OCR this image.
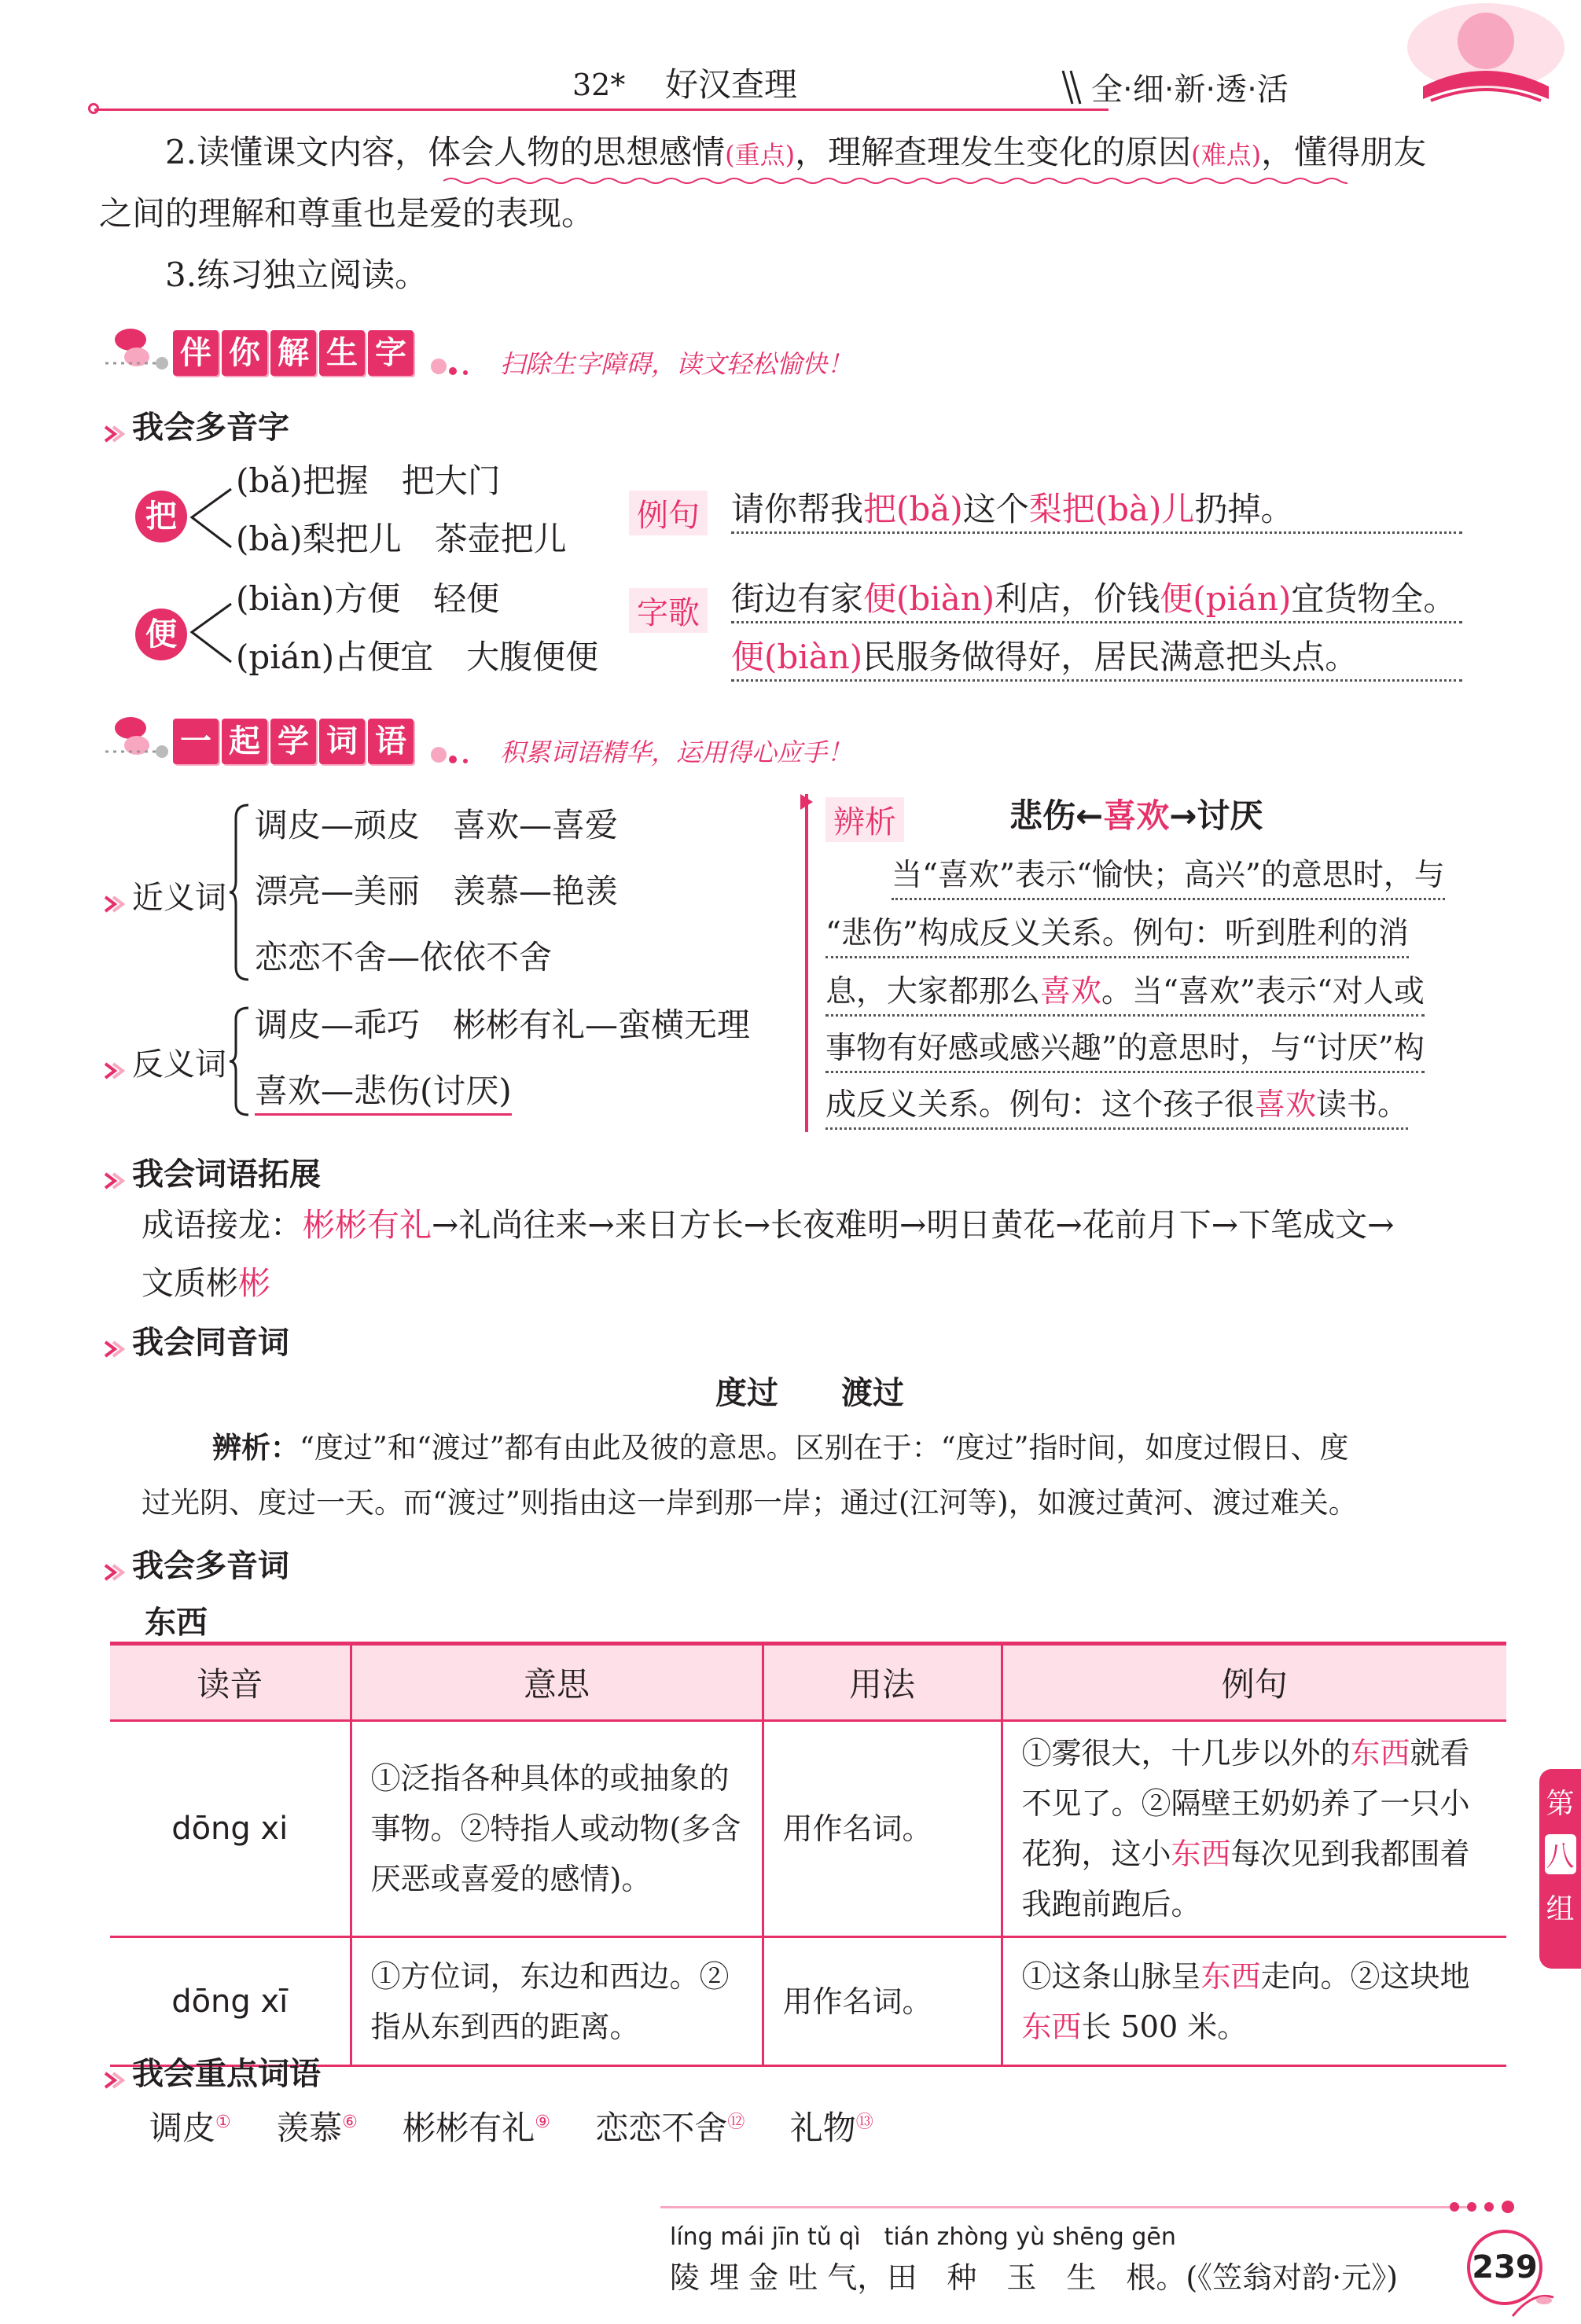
32* 好汉查理	全·细·新·透·活
2.读懂课文内容，体会人物的思想感情(重点)，理解查理发生变化的原因(难点)，懂得朋友
之间的理解和尊重也是爱的表现。
3.练习独立阅读。
伴 你 解 生 字	扫除生字障碍，读文轻松愉快！
我会多音字
把
(bǎ)把握　把大门
(bà)梨把儿　茶壶把儿
例句 请你帮我把(bǎ)这个梨把(bà)儿扔掉。
便
(biàn)方便　轻便
(pián)占便宜　大腹便便
字歌 街边有家便(biàn)利店，价钱便(pián)宜货物全。
便(biàn)民服务做得好，居民满意把头点。
一 起 学 词 语	积累词语精华，运用得心应手！
近义词
调皮—顽皮　喜欢—喜爱
漂亮—美丽　羡慕—艳羡
恋恋不舍—依依不舍
反义词
调皮—乖巧　彬彬有礼—蛮横无理
喜欢—悲伤(讨厌)
辨析	悲伤←喜欢→讨厌
当“喜欢”表示“愉快；高兴”的意思时，与
“悲伤”构成反义关系。例句：听到胜利的消
息，大家都那么喜欢。当“喜欢”表示“对人或
事物有好感或感兴趣”的意思时，与“讨厌”构
成反义关系。例句：这个孩子很喜欢读书。
我会词语拓展
成语接龙：彬彬有礼→礼尚往来→来日方长→长夜难明→明日黄花→花前月下→下笔成文→
文质彬彬
我会同音词
度过　　渡过
辨析：“度过”和“渡过”都有由此及彼的意思。区别在于：“度过”指时间，如度过假日、度
过光阴、度过一天。而“渡过”则指由这一岸到那一岸；通过(江河等)，如渡过黄河、渡过难关。
我会多音词
东西
读音	意思	用法	例句
dōng xi	①泛指各种具体的或抽象的事物。②特指人或动物(多含厌恶或喜爱的感情)。	用作名词。	①雾很大，十几步以外的东西就看不见了。②隔壁王奶奶养了一只小花狗，这小东西每次见到我都围着我跑前跑后。
dōng xī	①方位词，东边和西边。②指从东到西的距离。	用作名词。	①这条山脉呈东西走向。②这块地东西长 500 米。
我会重点词语
调皮① 羡慕⑥ 彬彬有礼⑨ 恋恋不舍⑫ 礼物⑬
第
八
组
líng mái jīn tǔ qì　tián zhòng yù shēng gēn
陵 埋 金 吐 气，田　种　玉　生　根。(《笠翁对韵·元》) 239
